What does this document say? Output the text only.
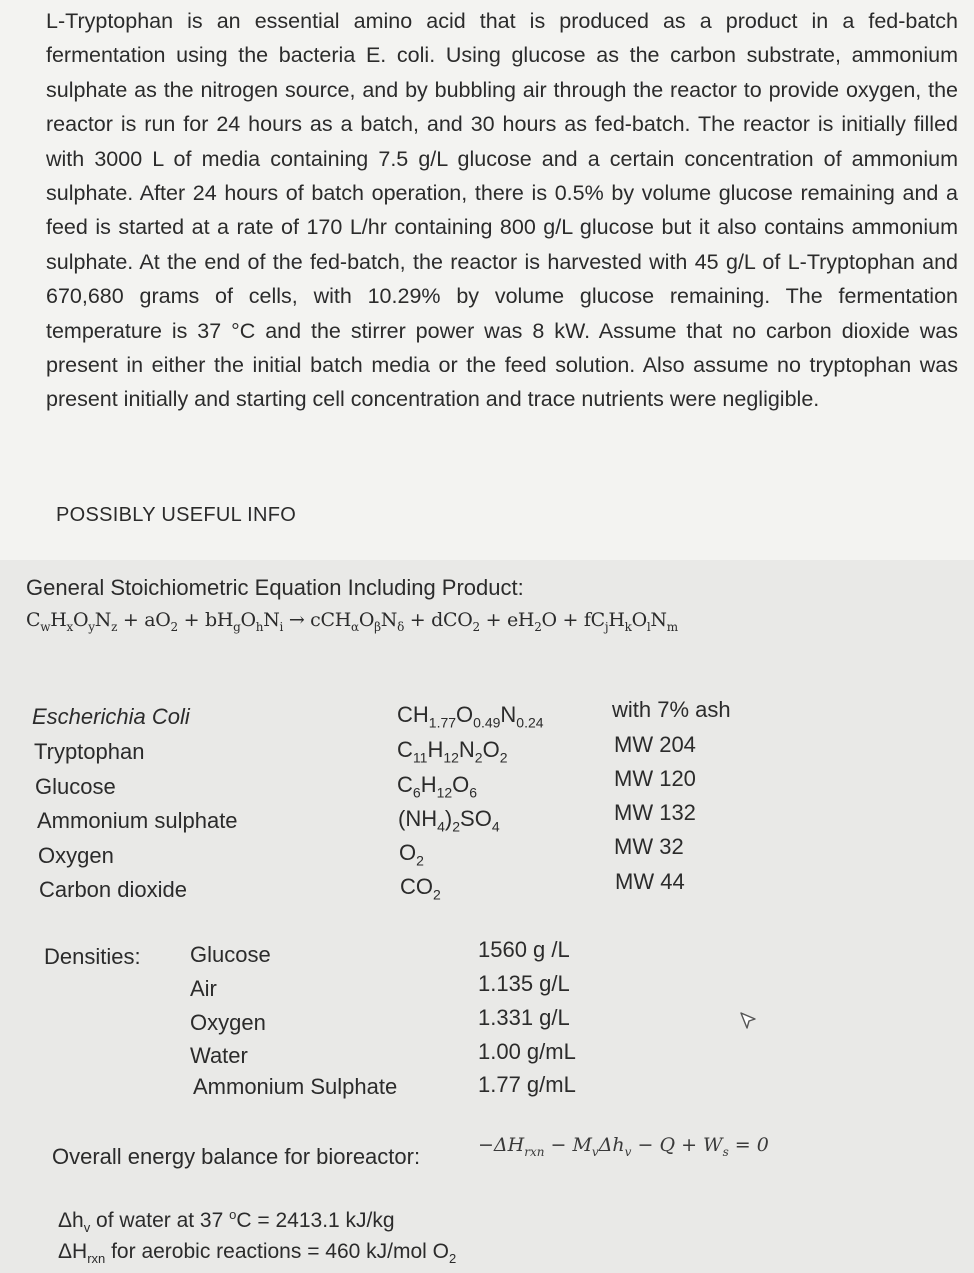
L-Tryptophan is an essential amino acid that is produced as a product in a fed-batch fermentation using the bacteria E. coli. Using glucose as the carbon substrate, ammonium sulphate as the nitrogen source, and by bubbling air through the reactor to provide oxygen, the reactor is run for 24 hours as a batch, and 30 hours as fed-batch. The reactor is initially filled with 3000 L of media containing 7.5 g/L glucose and a certain concentration of ammonium sulphate. After 24 hours of batch operation, there is 0.5% by volume glucose remaining and a feed is started at a rate of 170 L/hr containing 800 g/L glucose but it also contains ammonium sulphate. At the end of the fed-batch, the reactor is harvested with 45 g/L of L-Tryptophan and 670,680 grams of cells, with 10.29% by volume glucose remaining. The fermentation temperature is 37 °C and the stirrer power was 8 kW. Assume that no carbon dioxide was present in either the initial batch media or the feed solution. Also assume no tryptophan was present initially and starting cell concentration and trace nutrients were negligible.

POSSIBLY USEFUL INFO
General Stoichiometric Equation Including Product:
$C_wH_xO_yN_z + aO_2 + bH_gO_hN_i \to cCH_\alpha O_\beta N_\delta + dCO_2 + eH_2O + fC_jH_kO_lN_m$
Escherichia Coli
Tryptophan
Glucose
Ammonium sulphate
Oxygen
Carbon dioxide
$CH_{1.77}O_{0.49}N_{0.24}$
$C_{11}H_{12}N_2O_2$
$C_6H_{12}O_6$
$(NH_4)_2SO_4$
$O_2$
$CO_2$
with 7% ash
MW 204
MW 120
MW 132
MW 32
MW 44
Densities: Glucose
Air
Oxygen
Water
Ammonium Sulphate
1560 g /L
1.135 g/L
1.331 g/L
1.00 g/mL
1.77 g/mL
Overall energy balance for bioreactor:	$-\Delta H_{rxn} - M_v\Delta h_v - Q + W_s = 0$
$\Delta h_v$ of water at 37 $^o$C = 2413.1 kJ/kg
$\Delta H_{rxn}$ for aerobic reactions = 460 kJ/mol $O_2$
